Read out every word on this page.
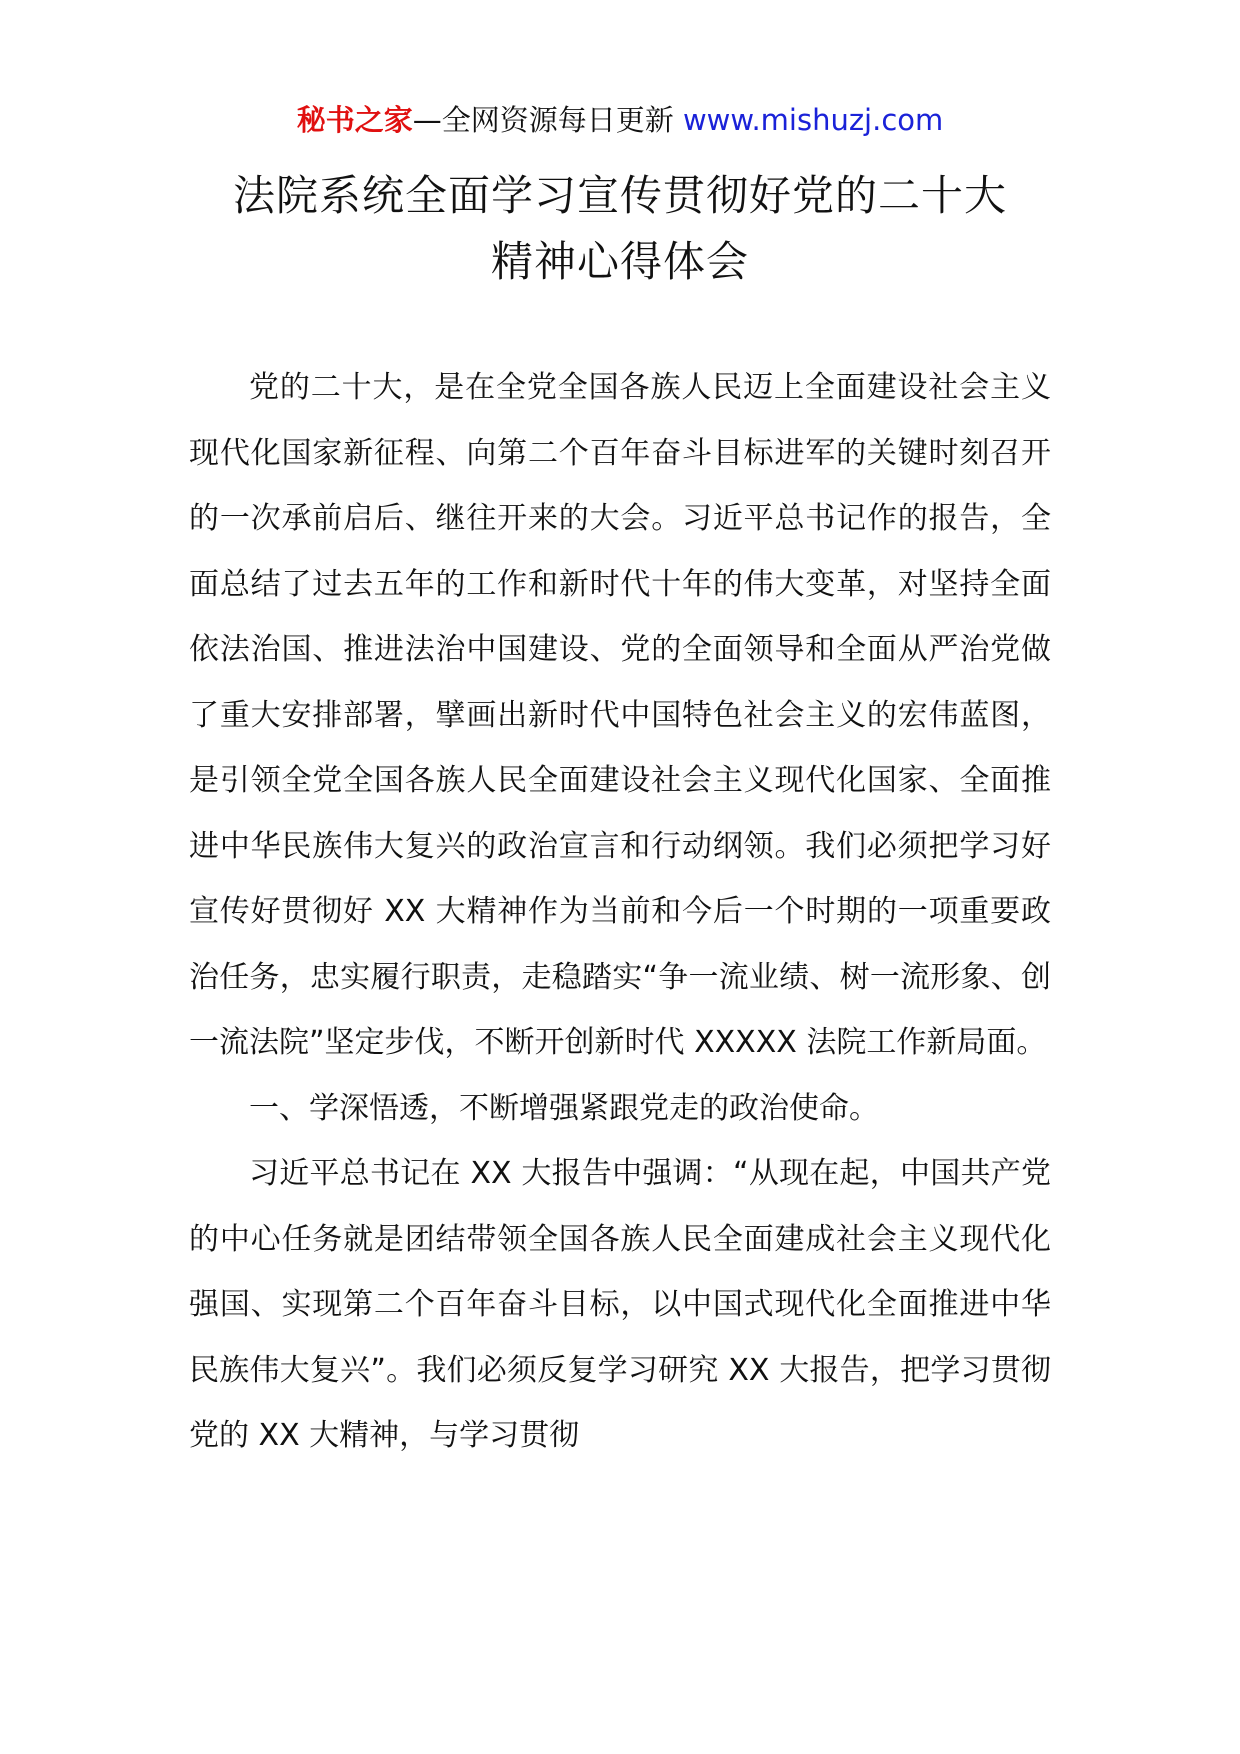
秘书之家—全网资源每日更新 www.mishuzj.com
法院系统全面学习宣传贯彻好党的二十大
精神心得体会

党的二十大，是在全党全国各族人民迈上全面建设社会主义现代化国家新征程、向第二个百年奋斗目标进军的关键时刻召开的一次承前启后、继往开来的大会。习近平总书记作的报告，全面总结了过去五年的工作和新时代十年的伟大变革，对坚持全面依法治国、推进法治中国建设、党的全面领导和全面从严治党做了重大安排部署，擘画出新时代中国特色社会主义的宏伟蓝图，是引领全党全国各族人民全面建设社会主义现代化国家、全面推进中华民族伟大复兴的政治宣言和行动纲领。我们必须把学习好宣传好贯彻好 XX 大精神作为当前和今后一个时期的一项重要政治任务，忠实履行职责，走稳踏实“争一流业绩、树一流形象、创一流法院”坚定步伐，不断开创新时代 XXXXX 法院工作新局面。

一、学深悟透，不断增强紧跟党走的政治使命。

习近平总书记在 XX 大报告中强调：“从现在起，中国共产党的中心任务就是团结带领全国各族人民全面建成社会主义现代化强国、实现第二个百年奋斗目标，以中国式现代化全面推进中华民族伟大复兴”。我们必须反复学习研究 XX 大报告，把学习贯彻党的 XX 大精神，与学习贯彻
